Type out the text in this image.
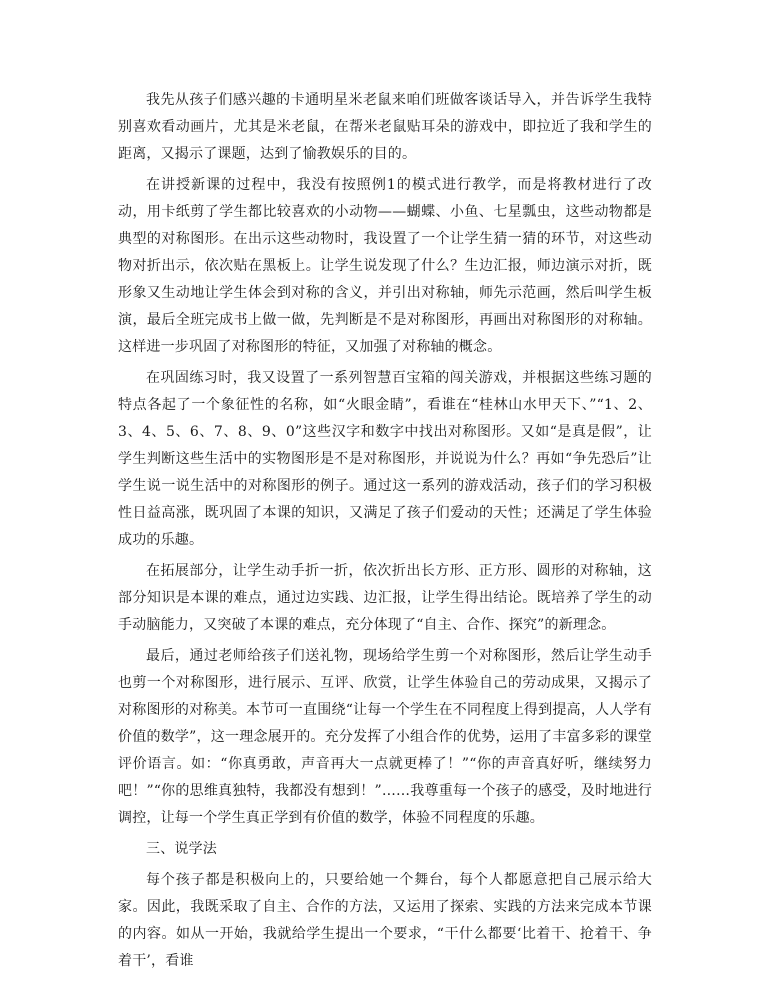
我先从孩子们感兴趣的卡通明星米老鼠来咱们班做客谈话导入，并告诉学生我特别喜欢看动画片，尤其是米老鼠，在帮米老鼠贴耳朵的游戏中，即拉近了我和学生的距离，又揭示了课题，达到了愉教娱乐的目的。

在讲授新课的过程中，我没有按照例1的模式进行教学，而是将教材进行了改动，用卡纸剪了学生都比较喜欢的小动物——蝴蝶、小鱼、七星瓢虫，这些动物都是典型的对称图形。在出示这些动物时，我设置了一个让学生猜一猜的环节，对这些动物对折出示，依次贴在黑板上。让学生说发现了什么？生边汇报，师边演示对折，既形象又生动地让学生体会到对称的含义，并引出对称轴，师先示范画，然后叫学生板演，最后全班完成书上做一做，先判断是不是对称图形，再画出对称图形的对称轴。这样进一步巩固了对称图形的特征，又加强了对称轴的概念。

在巩固练习时，我又设置了一系列智慧百宝箱的闯关游戏，并根据这些练习题的特点各起了一个象征性的名称，如“火眼金睛”，看谁在“桂林山水甲天下、”“1、2、3、4、5、6、7、8、9、0”这些汉字和数字中找出对称图形。又如“是真是假”，让学生判断这些生活中的实物图形是不是对称图形，并说说为什么？再如“争先恐后”让学生说一说生活中的对称图形的例子。通过这一系列的游戏活动，孩子们的学习积极性日益高涨，既巩固了本课的知识，又满足了孩子们爱动的天性；还满足了学生体验成功的乐趣。

在拓展部分，让学生动手折一折，依次折出长方形、正方形、圆形的对称轴，这部分知识是本课的难点，通过边实践、边汇报，让学生得出结论。既培养了学生的动手动脑能力，又突破了本课的难点，充分体现了“自主、合作、探究”的新理念。

最后，通过老师给孩子们送礼物，现场给学生剪一个对称图形，然后让学生动手也剪一个对称图形，进行展示、互评、欣赏，让学生体验自己的劳动成果，又揭示了对称图形的对称美。本节可一直围绕“让每一个学生在不同程度上得到提高，人人学有价值的数学”，这一理念展开的。充分发挥了小组合作的优势，运用了丰富多彩的课堂评价语言。如：“你真勇敢，声音再大一点就更棒了！”“你的声音真好听，继续努力吧！”“你的思维真独特，我都没有想到！”……我尊重每一个孩子的感受，及时地进行调控，让每一个学生真正学到有价值的数学，体验不同程度的乐趣。

三、说学法

每个孩子都是积极向上的，只要给她一个舞台，每个人都愿意把自己展示给大家。因此，我既采取了自主、合作的方法，又运用了探索、实践的方法来完成本节课的内容。如从一开始，我就给学生提出一个要求，“干什么都要‘比着干、抢着干、争着干’，看谁
